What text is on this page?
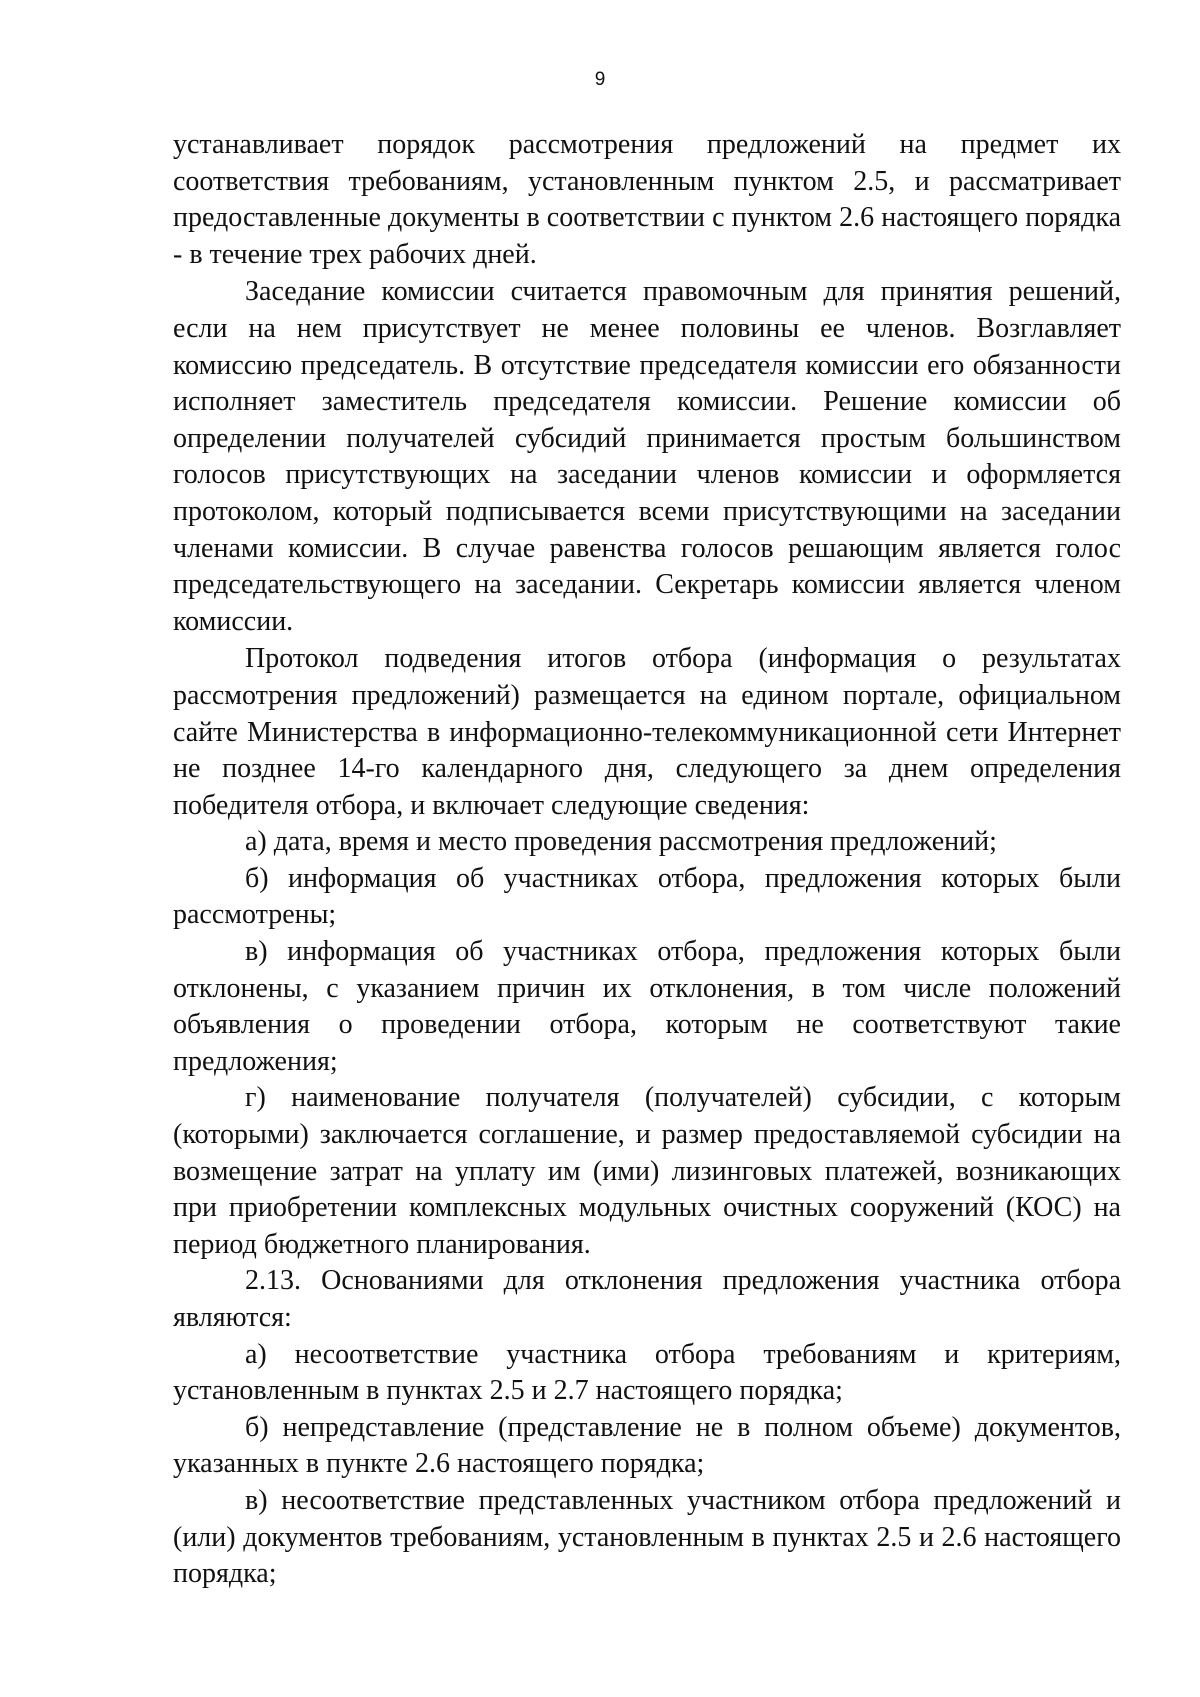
9

устанавливает порядок рассмотрения предложений на предмет их соответствия требованиям, установленным пунктом 2.5, и рассматривает предоставленные документы в соответствии с пунктом 2.6 настоящего порядка - в течение трех рабочих дней.

Заседание комиссии считается правомочным для принятия решений, если на нем присутствует не менее половины ее членов. Возглавляет комиссию председатель. В отсутствие председателя комиссии его обязанности исполняет заместитель председателя комиссии. Решение комиссии об определении получателей субсидий принимается простым большинством голосов присутствующих на заседании членов комиссии и оформляется протоколом, который подписывается всеми присутствующими на заседании членами комиссии. В случае равенства голосов решающим является голос председательствующего на заседании. Секретарь комиссии является членом комиссии.

Протокол подведения итогов отбора (информация о результатах рассмотрения предложений) размещается на едином портале, официальном сайте Министерства в информационно-телекоммуникационной сети Интернет не позднее 14-го календарного дня, следующего за днем определения победителя отбора, и включает следующие сведения:

а) дата, время и место проведения рассмотрения предложений;

б) информация об участниках отбора, предложения которых были рассмотрены;

в) информация об участниках отбора, предложения которых были отклонены, с указанием причин их отклонения, в том числе положений объявления о проведении отбора, которым не соответствуют такие предложения;

г) наименование получателя (получателей) субсидии, с которым (которыми) заключается соглашение, и размер предоставляемой субсидии на возмещение затрат на уплату им (ими) лизинговых платежей, возникающих при приобретении комплексных модульных очистных сооружений (КОС) на период бюджетного планирования.

2.13. Основаниями для отклонения предложения участника отбора являются:

а) несоответствие участника отбора требованиям и критериям, установленным в пунктах 2.5 и 2.7 настоящего порядка;

б) непредставление (представление не в полном объеме) документов, указанных в пункте 2.6 настоящего порядка;

в) несоответствие представленных участником отбора предложений и (или) документов требованиям, установленным в пунктах 2.5 и 2.6 настоящего порядка;
